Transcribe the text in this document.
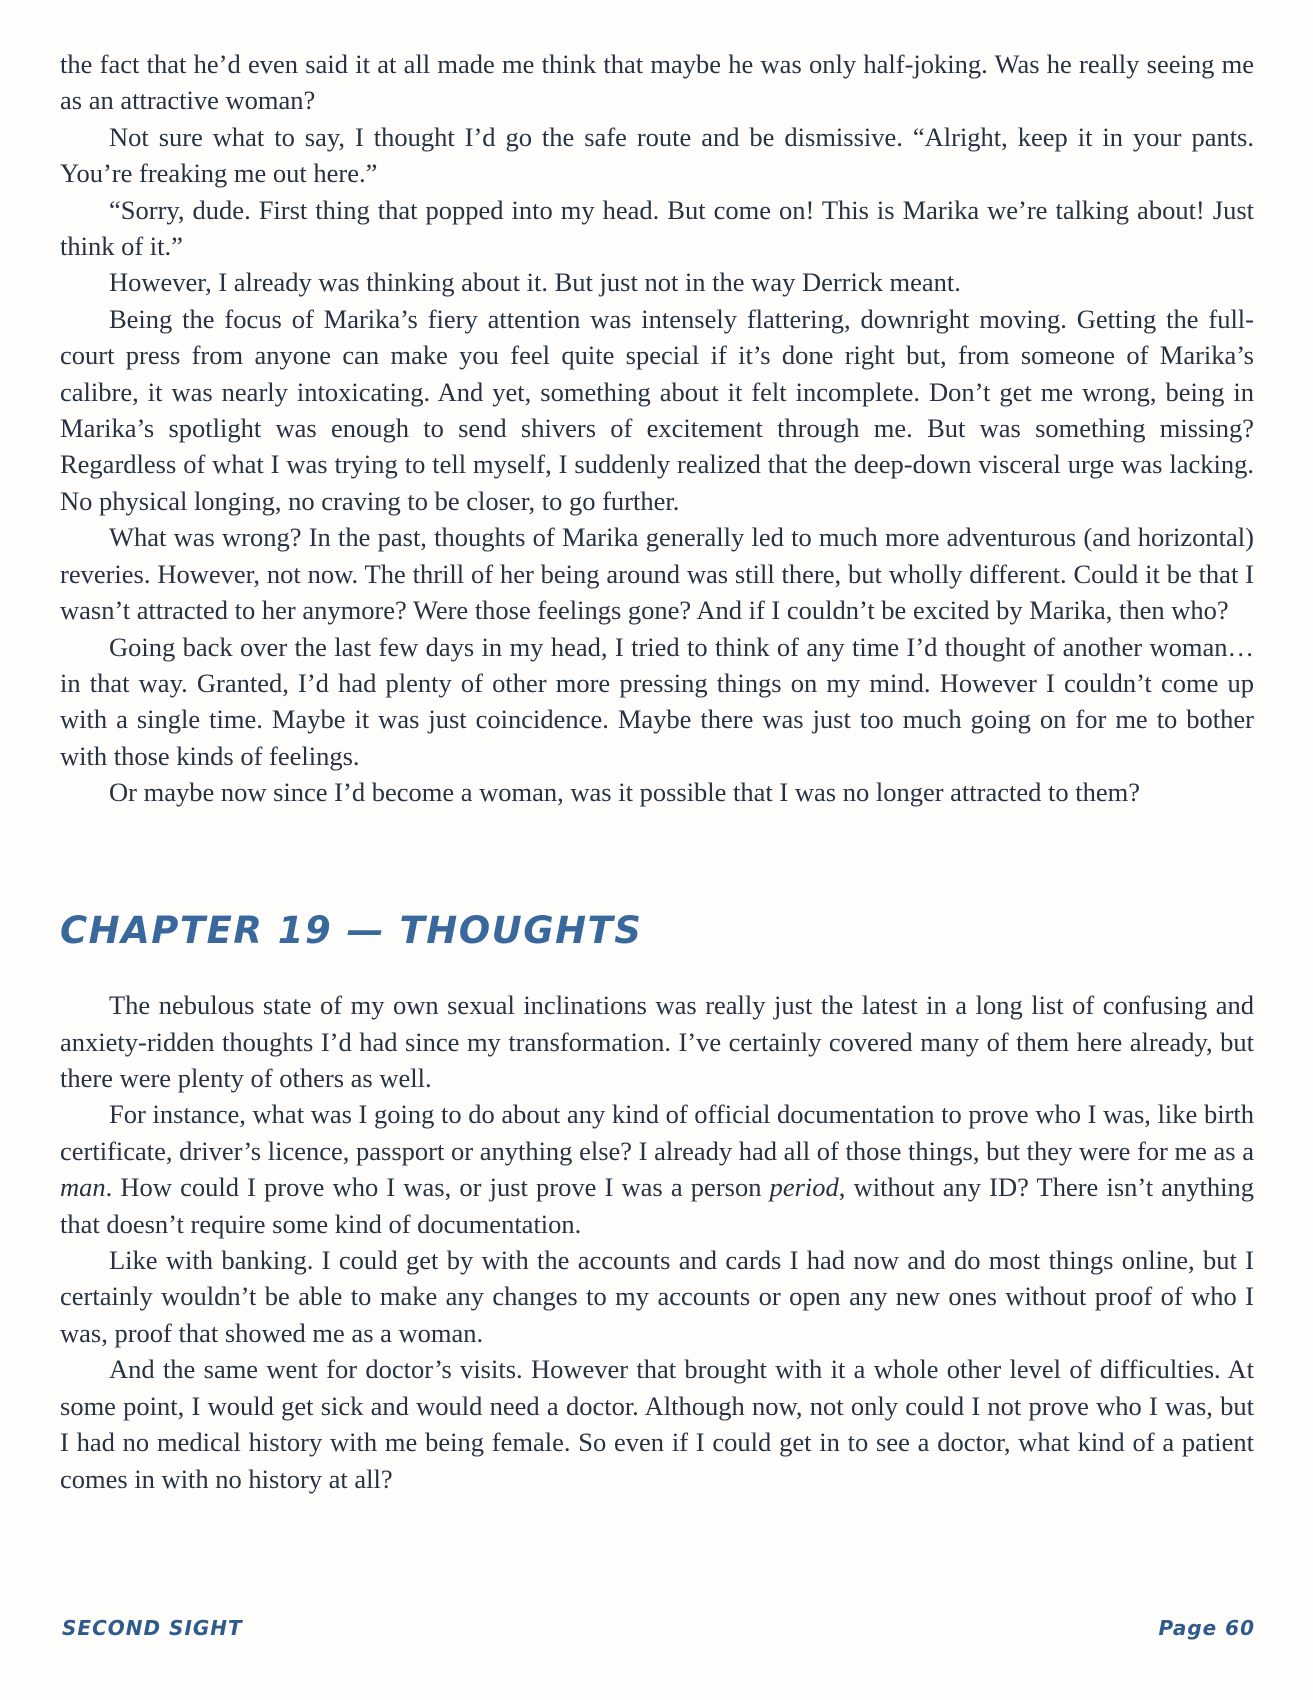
the fact that he’d even said it at all made me think that maybe he was only half-joking. Was he really seeing me as an attractive woman?

Not sure what to say, I thought I’d go the safe route and be dismissive. “Alright, keep it in your pants. You’re freaking me out here.”

“Sorry, dude. First thing that popped into my head. But come on! This is Marika we’re talking about! Just think of it.”

However, I already was thinking about it. But just not in the way Derrick meant.

Being the focus of Marika’s fiery attention was intensely flattering, downright moving. Getting the full-court press from anyone can make you feel quite special if it’s done right but, from someone of Marika’s calibre, it was nearly intoxicating. And yet, something about it felt incomplete. Don’t get me wrong, being in Marika’s spotlight was enough to send shivers of excitement through me. But was something missing? Regardless of what I was trying to tell myself, I suddenly realized that the deep-down visceral urge was lacking. No physical longing, no craving to be closer, to go further.

What was wrong? In the past, thoughts of Marika generally led to much more adventurous (and horizontal) reveries. However, not now. The thrill of her being around was still there, but wholly different. Could it be that I wasn’t attracted to her anymore? Were those feelings gone? And if I couldn’t be excited by Marika, then who?

Going back over the last few days in my head, I tried to think of any time I’d thought of another woman… in that way. Granted, I’d had plenty of other more pressing things on my mind. However I couldn’t come up with a single time. Maybe it was just coincidence. Maybe there was just too much going on for me to bother with those kinds of feelings.

Or maybe now since I’d become a woman, was it possible that I was no longer attracted to them?

CHAPTER 19 — THOUGHTS

The nebulous state of my own sexual inclinations was really just the latest in a long list of confusing and anxiety-ridden thoughts I’d had since my transformation. I’ve certainly covered many of them here already, but there were plenty of others as well.

For instance, what was I going to do about any kind of official documentation to prove who I was, like birth certificate, driver’s licence, passport or anything else? I already had all of those things, but they were for me as a man. How could I prove who I was, or just prove I was a person period, without any ID? There isn’t anything that doesn’t require some kind of documentation.

Like with banking. I could get by with the accounts and cards I had now and do most things online, but I certainly wouldn’t be able to make any changes to my accounts or open any new ones without proof of who I was, proof that showed me as a woman.

And the same went for doctor’s visits. However that brought with it a whole other level of difficulties. At some point, I would get sick and would need a doctor. Although now, not only could I not prove who I was, but I had no medical history with me being female. So even if I could get in to see a doctor, what kind of a patient comes in with no history at all?

SECOND SIGHT	Page 60
